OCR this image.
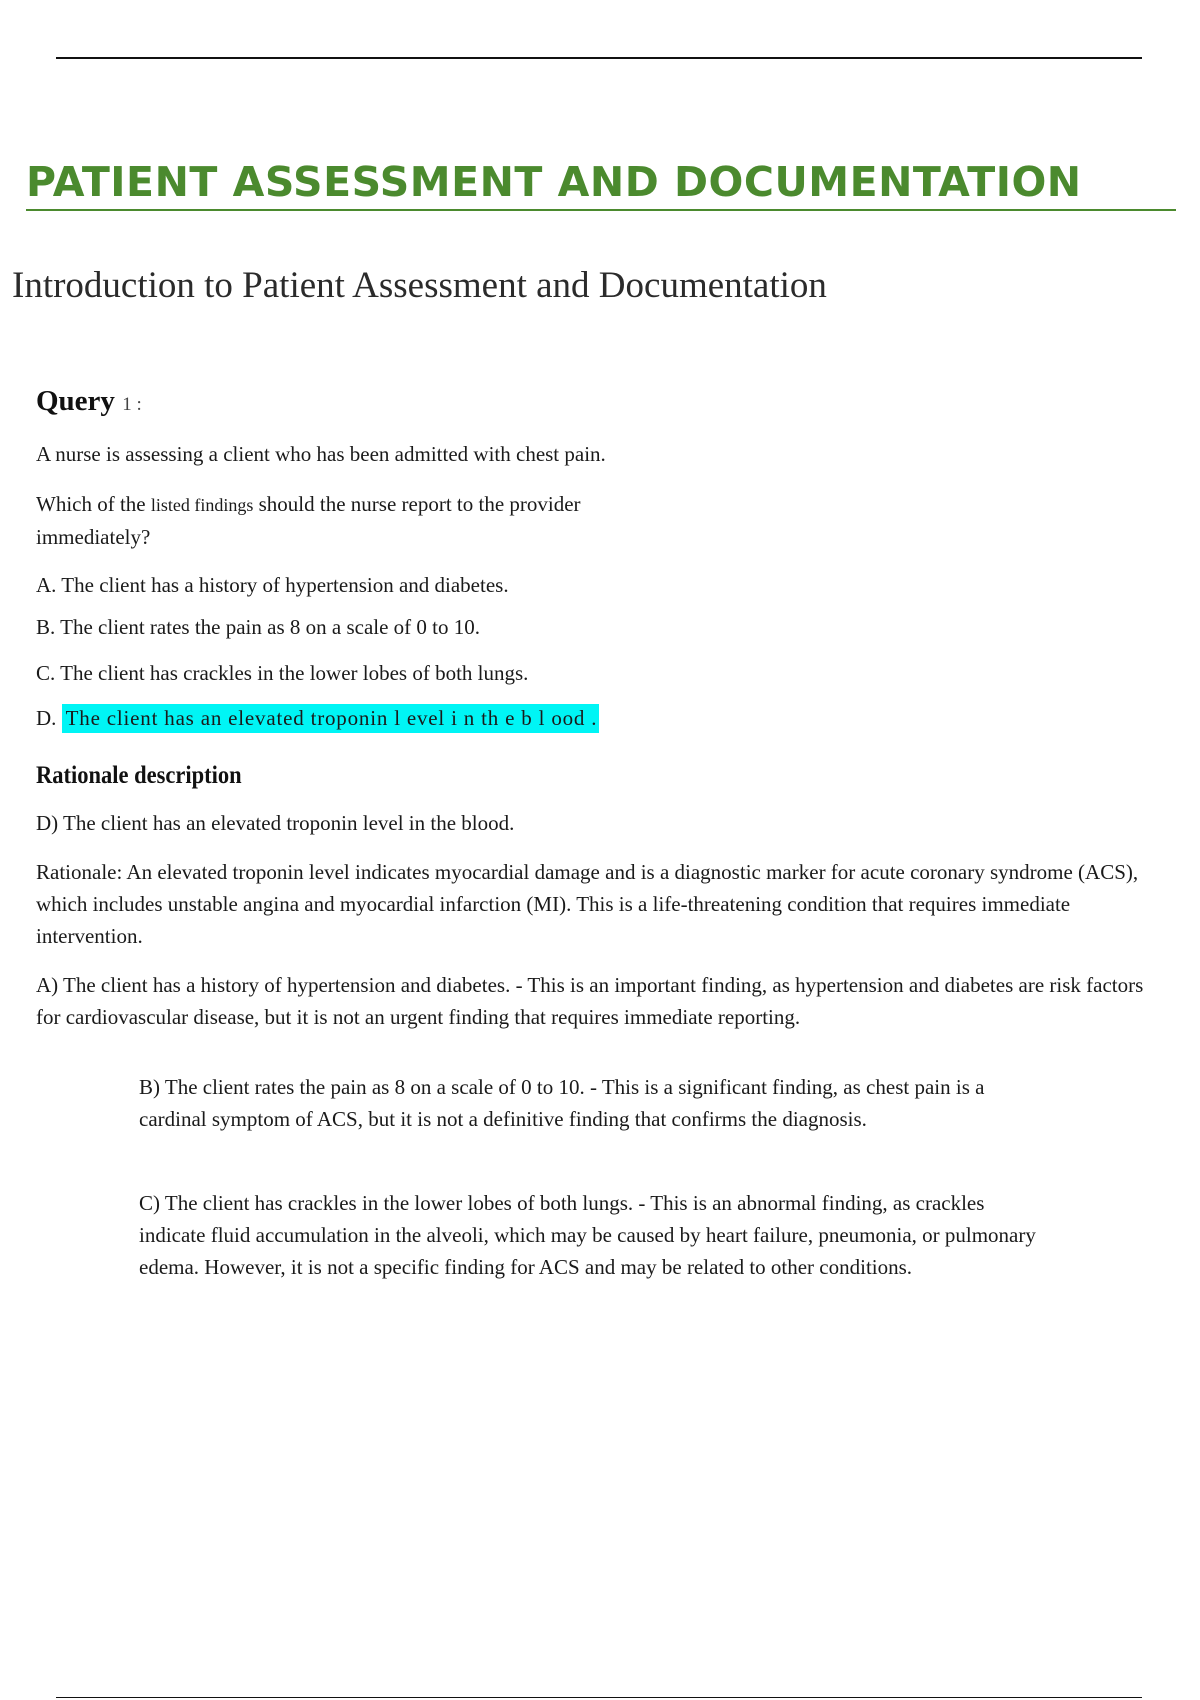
PATIENT ASSESSMENT AND DOCUMENTATION
Introduction to Patient Assessment and Documentation
Query 1 :

A nurse is assessing a client who has been admitted with chest pain.

Which of the listed findings should the nurse report to the provider
immediately?

A. The client has a history of hypertension and diabetes.

B. The client rates the pain as 8 on a scale of 0 to 10.

C. The client has crackles in the lower lobes of both lungs.

D. The client has an elevated troponin l evel i n th e b l ood .

Rationale description

D) The client has an elevated troponin level in the blood.

Rationale: An elevated troponin level indicates myocardial damage and is a diagnostic marker for acute coronary syndrome (ACS), which includes unstable angina and myocardial infarction (MI). This is a life-threatening condition that requires immediate intervention.

A) The client has a history of hypertension and diabetes. - This is an important finding, as hypertension and diabetes are risk factors for cardiovascular disease, but it is not an urgent finding that requires immediate reporting.

B) The client rates the pain as 8 on a scale of 0 to 10. - This is a significant finding, as chest pain is a cardinal symptom of ACS, but it is not a definitive finding that confirms the diagnosis.

C) The client has crackles in the lower lobes of both lungs. - This is an abnormal finding, as crackles indicate fluid accumulation in the alveoli, which may be caused by heart failure, pneumonia, or pulmonary edema. However, it is not a specific finding for ACS and may be related to other conditions.
